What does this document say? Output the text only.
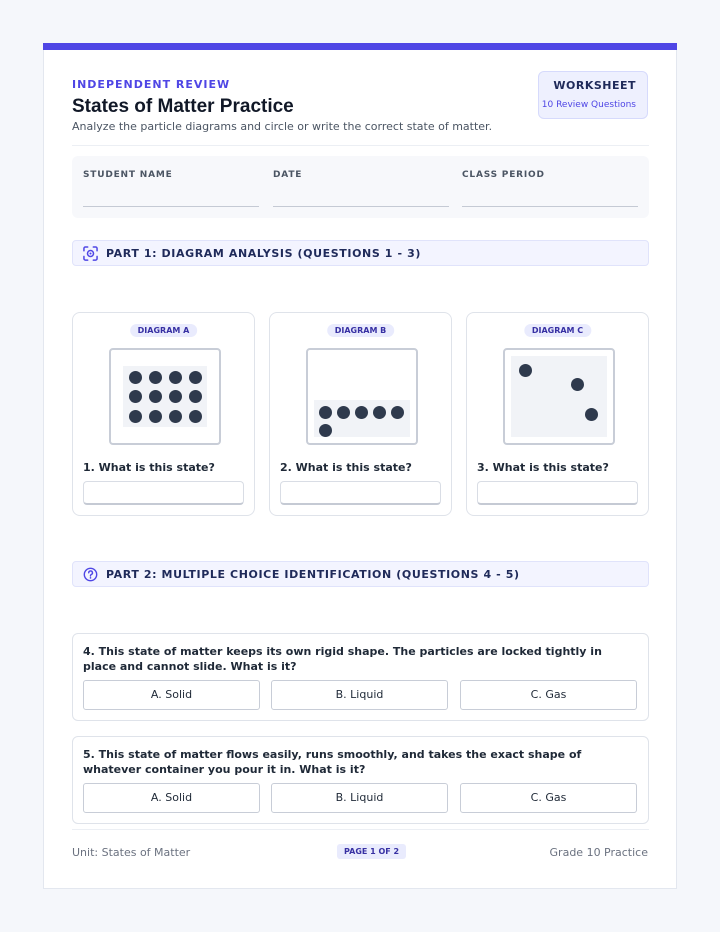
INDEPENDENT REVIEW
States of Matter Practice
Analyze the particle diagrams and circle or write the correct state of matter.
WORKSHEET
10 Review Questions
STUDENT NAME	DATE	CLASS PERIOD
PART 1: DIAGRAM ANALYSIS (QUESTIONS 1 - 3)
DIAGRAM A
1. What is this state?
DIAGRAM B
2. What is this state?
DIAGRAM C
3. What is this state?
PART 2: MULTIPLE CHOICE IDENTIFICATION (QUESTIONS 4 - 5)
4. This state of matter keeps its own rigid shape. The particles are locked tightly in place and cannot slide. What is it?
A. Solid	B. Liquid	C. Gas
5. This state of matter flows easily, runs smoothly, and takes the exact shape of whatever container you pour it in. What is it?
A. Solid	B. Liquid	C. Gas
Unit: States of Matter	PAGE 1 OF 2	Grade 10 Practice
